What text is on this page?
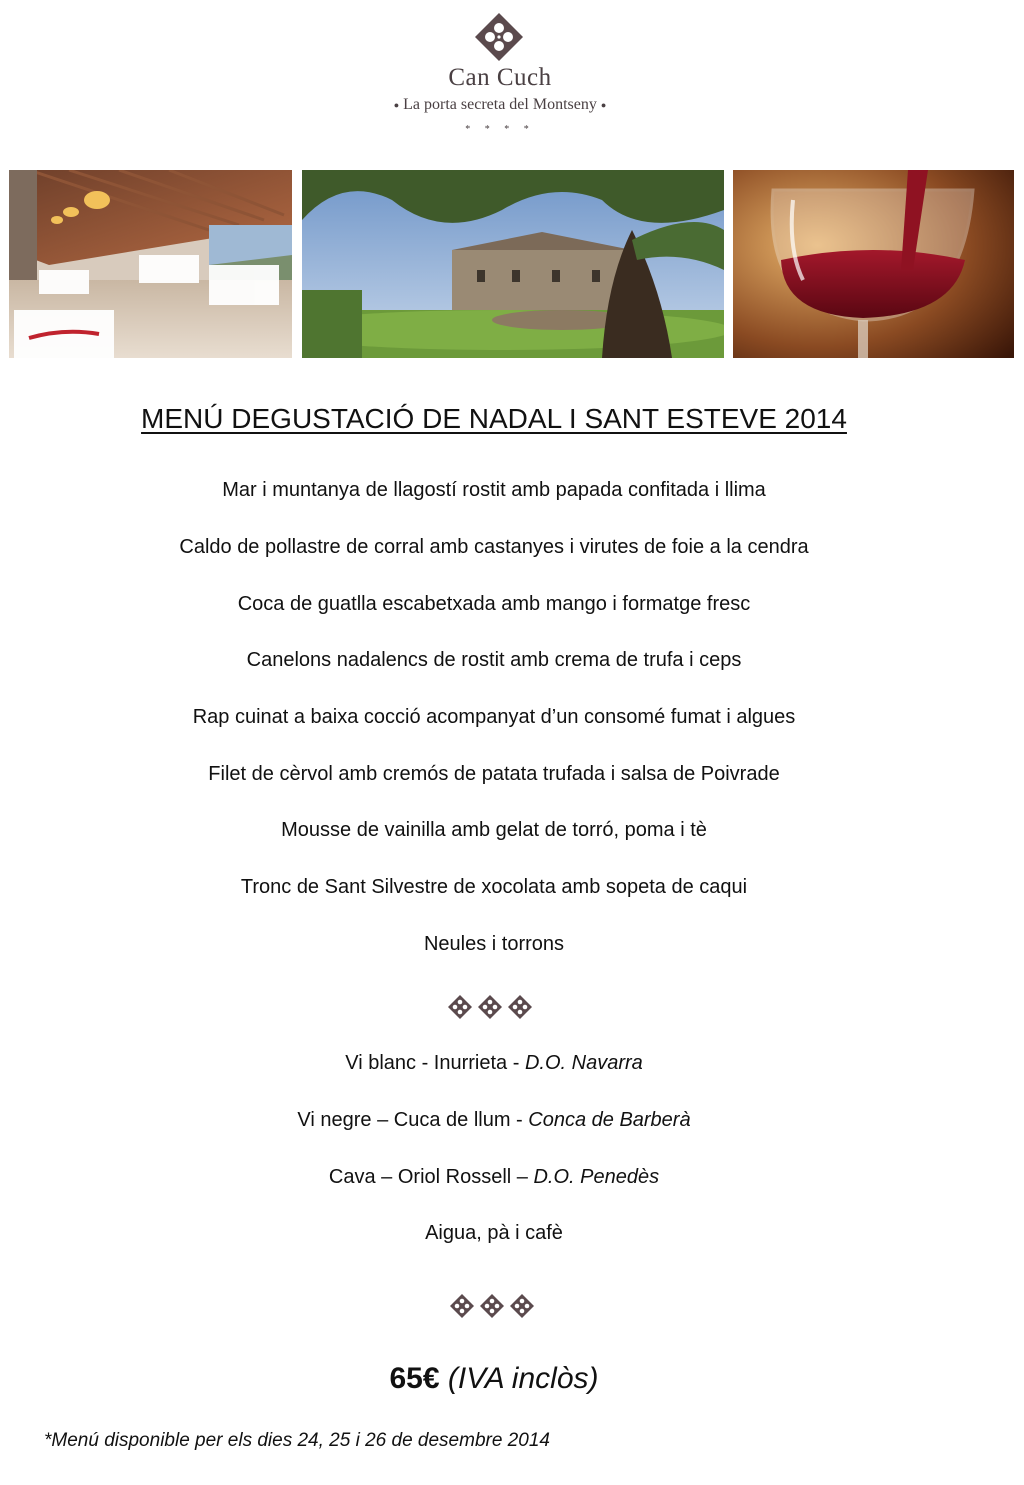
Can Cuch
● La porta secreta del Montseny ●
* * * *
MENÚ DEGUSTACIÓ DE NADAL I SANT ESTEVE 2014
Mar i muntanya de llagostí rostit amb papada confitada i llima
Caldo de pollastre de corral amb castanyes i virutes de foie a la cendra
Coca de guatlla escabetxada amb mango i formatge fresc
Canelons nadalencs de rostit amb crema de trufa i ceps
Rap cuinat a baixa cocció acompanyat d’un consomé fumat i algues
Filet de cèrvol amb cremós de patata trufada i salsa de Poivrade
Mousse de vainilla amb gelat de torró, poma i tè
Tronc de Sant Silvestre de xocolata amb sopeta de caqui
Neules i torrons
Vi blanc - Inurrieta - D.O. Navarra
Vi negre – Cuca de llum - Conca de Barberà
Cava – Oriol Rossell – D.O. Penedès
Aigua, pà i cafè
65€ (IVA inclòs)
*Menú disponible per els dies 24, 25 i 26 de desembre 2014
